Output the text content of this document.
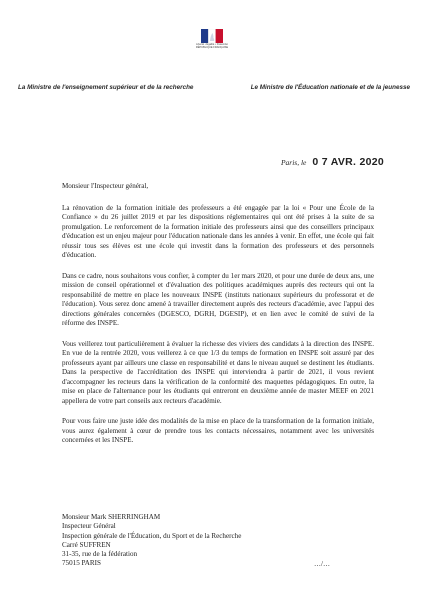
Liberté • Égalité • Fraternité
RÉPUBLIQUE FRANÇAISE
La Ministre de l'enseignement supérieur et de la recherche	Le Ministre de l'Éducation nationale et de la jeunesse
Paris, le 0 7 AVR. 2020

Monsieur l'Inspecteur général,

La rénovation de la formation initiale des professeurs a été engagée par la loi « Pour une École de la Confiance » du 26 juillet 2019 et par les dispositions réglementaires qui ont été prises à la suite de sa promulgation. Le renforcement de la formation initiale des professeurs ainsi que des conseillers principaux d'éducation est un enjeu majeur pour l'éducation nationale dans les années à venir. En effet, une école qui fait réussir tous ses élèves est une école qui investit dans la formation des professeurs et des personnels d'éducation.

Dans ce cadre, nous souhaitons vous confier, à compter du 1er mars 2020, et pour une durée de deux ans, une mission de conseil opérationnel et d'évaluation des politiques académiques auprès des recteurs qui ont la responsabilité de mettre en place les nouveaux INSPE (instituts nationaux supérieurs du professorat et de l'éducation). Vous serez donc amené à travailler directement auprès des recteurs d'académie, avec l'appui des directions générales concernées (DGESCO, DGRH, DGESIP), et en lien avec le comité de suivi de la réforme des INSPE.

Vous veillerez tout particulièrement à évaluer la richesse des viviers des candidats à la direction des INSPE. En vue de la rentrée 2020, vous veillerez à ce que 1/3 du temps de formation en INSPE soit assuré par des professeurs ayant par ailleurs une classe en responsabilité et dans le niveau auquel se destinent les étudiants. Dans la perspective de l'accréditation des INSPE qui interviendra à partir de 2021, il vous revient d'accompagner les recteurs dans la vérification de la conformité des maquettes pédagogiques. En outre, la mise en place de l'alternance pour les étudiants qui entreront en deuxième année de master MEEF en 2021 appellera de votre part conseils aux recteurs d'académie.

Pour vous faire une juste idée des modalités de la mise en place de la transformation de la formation initiale, vous aurez également à cœur de prendre tous les contacts nécessaires, notamment avec les universités concernées et les INSPE.

Monsieur Mark SHERRINGHAM
Inspecteur Général
Inspection générale de l'Éducation, du Sport et de la Recherche
Carré SUFFREN
31-35, rue de la fédération
75015 PARIS	…/…
